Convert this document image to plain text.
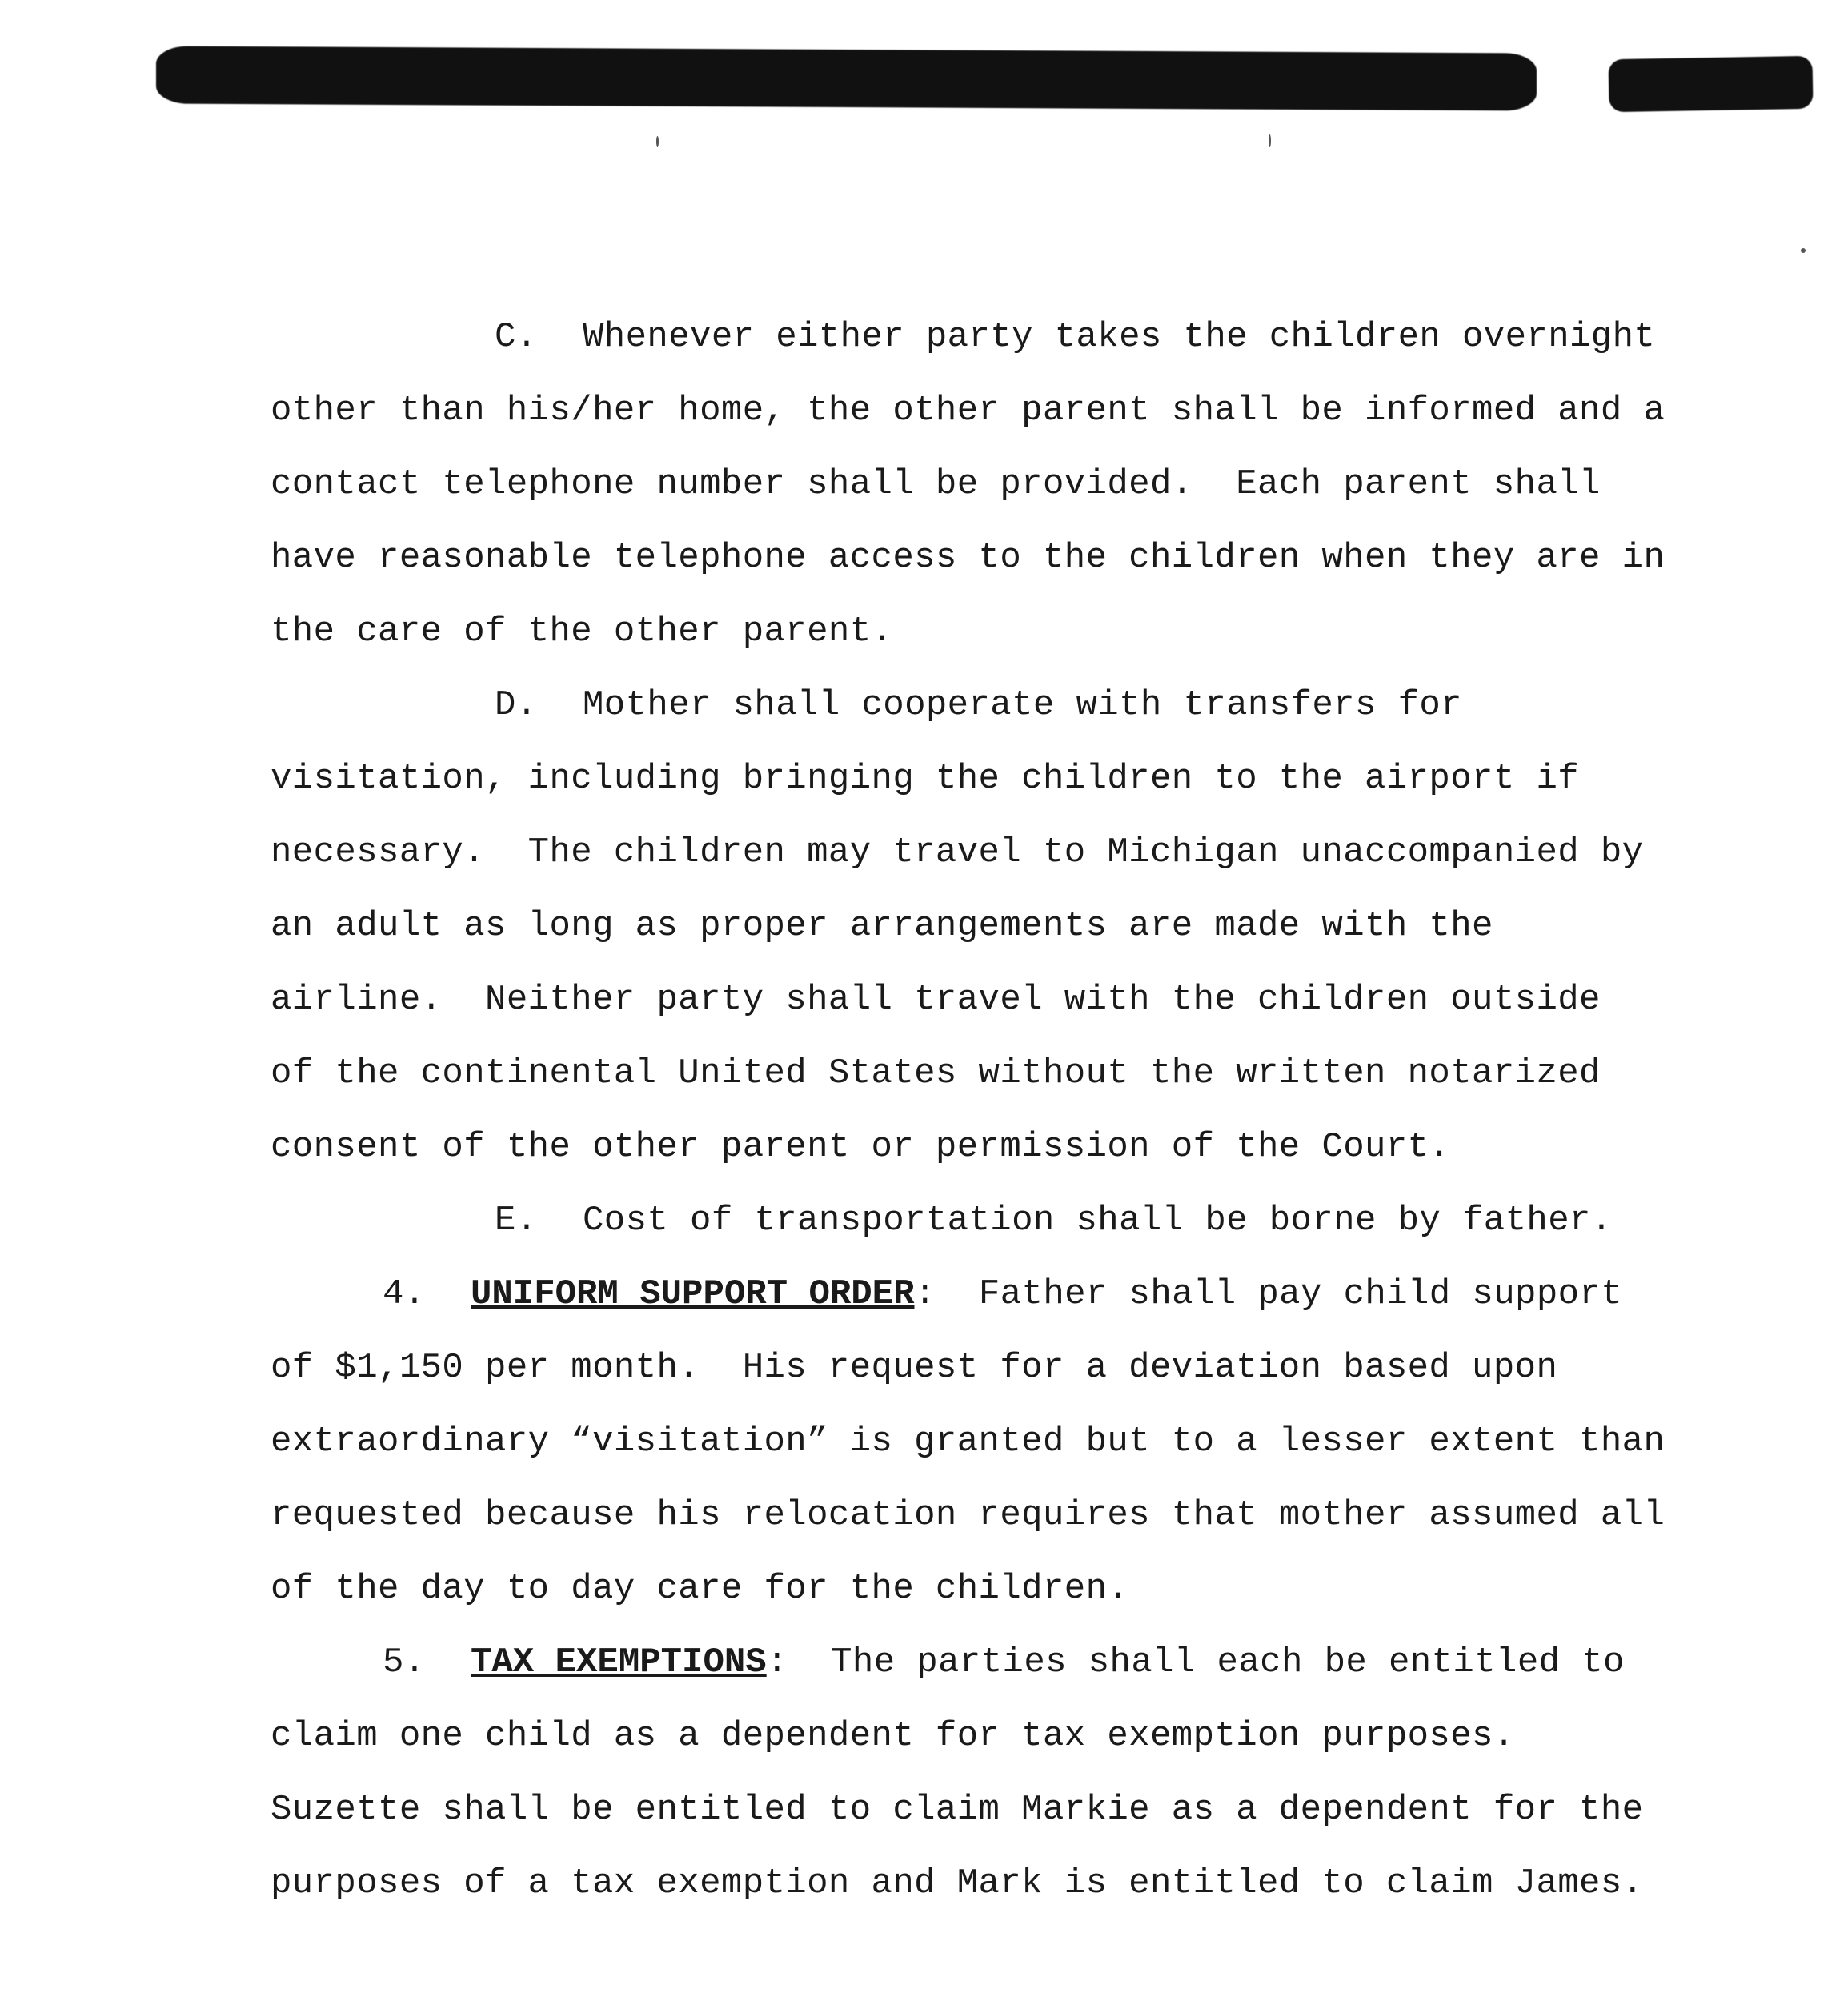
C. Whenever either party takes the children overnight
other than his/her home, the other parent shall be informed and a
contact telephone number shall be provided.  Each parent shall
have reasonable telephone access to the children when they are in
the care of the other parent.
D. Mother shall cooperate with transfers for
visitation, including bringing the children to the airport if
necessary.  The children may travel to Michigan unaccompanied by
an adult as long as proper arrangements are made with the
airline.  Neither party shall travel with the children outside
of the continental United States without the written notarized
consent of the other parent or permission of the Court.
E. Cost of transportation shall be borne by father.
4. UNIFORM SUPPORT ORDER:  Father shall pay child support
of $1,150 per month.  His request for a deviation based upon
extraordinary “visitation” is granted but to a lesser extent than
requested because his relocation requires that mother assumed all
of the day to day care for the children.
5. TAX EXEMPTIONS:  The parties shall each be entitled to
claim one child as a dependent for tax exemption purposes.
Suzette shall be entitled to claim Markie as a dependent for the
purposes of a tax exemption and Mark is entitled to claim James.
